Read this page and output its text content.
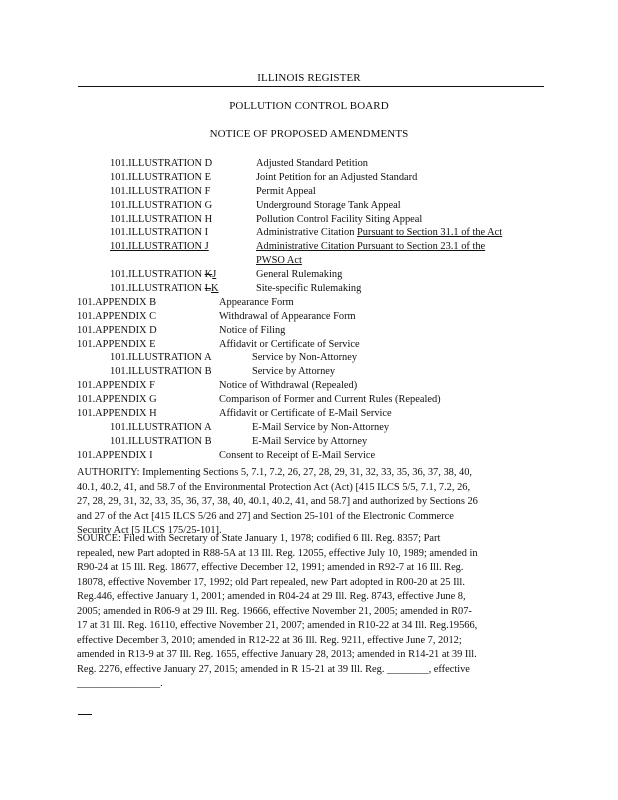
ILLINOIS REGISTER
POLLUTION CONTROL BOARD
NOTICE OF PROPOSED AMENDMENTS
101.ILLUSTRATION D	Adjusted Standard Petition
101.ILLUSTRATION E	Joint Petition for an Adjusted Standard
101.ILLUSTRATION F	Permit Appeal
101.ILLUSTRATION G	Underground Storage Tank Appeal
101.ILLUSTRATION H	Pollution Control Facility Siting Appeal
101.ILLUSTRATION I	Administrative Citation Pursuant to Section 31.1 of the Act
101.ILLUSTRATION J	Administrative Citation Pursuant to Section 23.1 of the
PWSO Act
101.ILLUSTRATION KJ	General Rulemaking
101.ILLUSTRATION LK	Site-specific Rulemaking
101.APPENDIX B	Appearance Form
101.APPENDIX C	Withdrawal of Appearance Form
101.APPENDIX D	Notice of Filing
101.APPENDIX E	Affidavit or Certificate of Service
101.ILLUSTRATION A	Service by Non-Attorney
101.ILLUSTRATION B	Service by Attorney
101.APPENDIX F	Notice of Withdrawal (Repealed)
101.APPENDIX G	Comparison of Former and Current Rules (Repealed)
101.APPENDIX H	Affidavit or Certificate of E-Mail Service
101.ILLUSTRATION A	E-Mail Service by Non-Attorney
101.ILLUSTRATION B	E-Mail Service by Attorney
101.APPENDIX I	Consent to Receipt of E-Mail Service
AUTHORITY: Implementing Sections 5, 7.1, 7.2, 26, 27, 28, 29, 31, 32, 33, 35, 36, 37, 38, 40,
40.1, 40.2, 41, and 58.7 of the Environmental Protection Act (Act) [415 ILCS 5/5, 7.1, 7.2, 26,
27, 28, 29, 31, 32, 33, 35, 36, 37, 38, 40, 40.1, 40.2, 41, and 58.7] and authorized by Sections 26
and 27 of the Act [415 ILCS 5/26 and 27] and Section 25-101 of the Electronic Commerce
Security Act [5 ILCS 175/25-101].
SOURCE: Filed with Secretary of State January 1, 1978; codified 6 Ill. Reg. 8357; Part
repealed, new Part adopted in R88-5A at 13 Ill. Reg. 12055, effective July 10, 1989; amended in
R90-24 at 15 Ill. Reg. 18677, effective December 12, 1991; amended in R92-7 at 16 Ill. Reg.
18078, effective November 17, 1992; old Part repealed, new Part adopted in R00-20 at 25 Ill.
Reg.446, effective January 1, 2001; amended in R04-24 at 29 Ill. Reg. 8743, effective June 8,
2005; amended in R06-9 at 29 Ill. Reg. 19666, effective November 21, 2005; amended in R07-
17 at 31 Ill. Reg. 16110, effective November 21, 2007; amended in R10-22 at 34 Ill. Reg.19566,
effective December 3, 2010; amended in R12-22 at 36 Ill. Reg. 9211, effective June 7, 2012;
amended in R13-9 at 37 Ill. Reg. 1655, effective January 28, 2013; amended in R14-21 at 39 Ill.
Reg. 2276, effective January 27, 2015; amended in R 15-21 at 39 Ill. Reg. ________, effective
________________.
